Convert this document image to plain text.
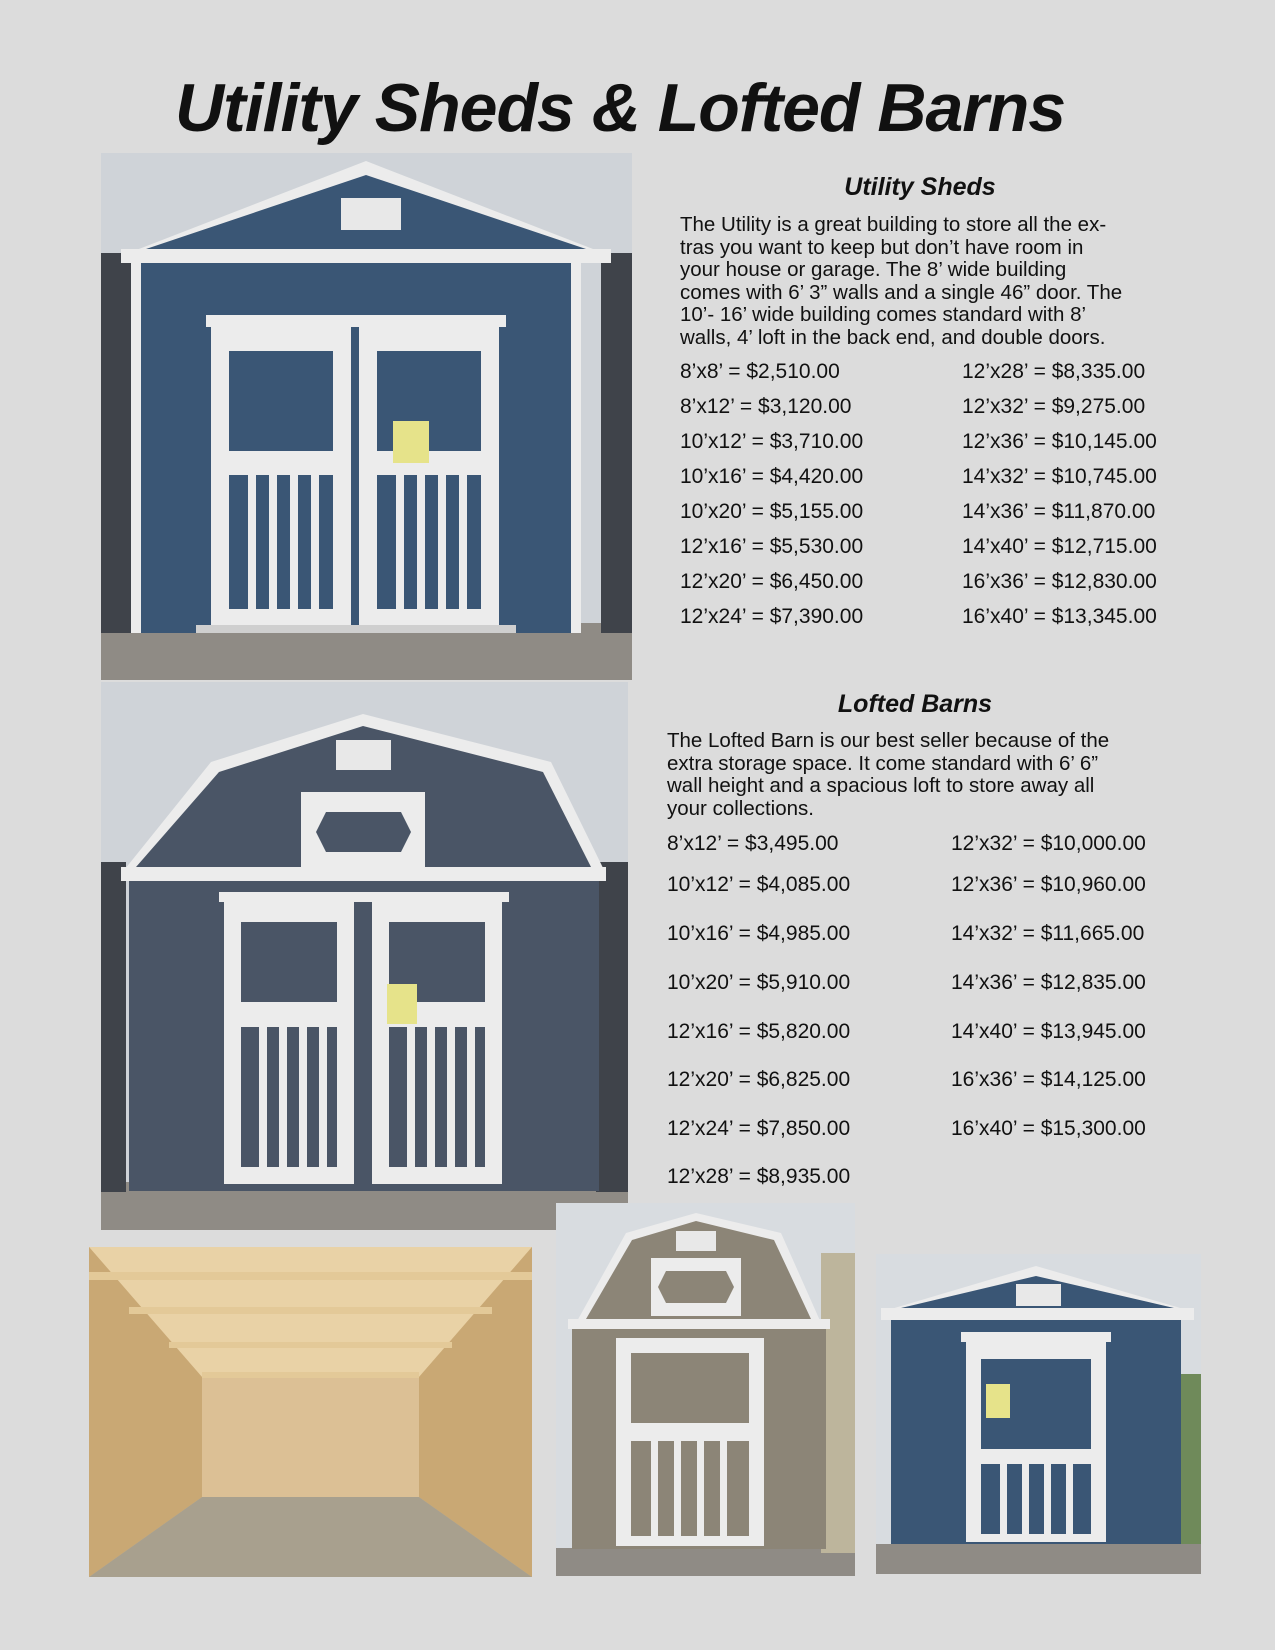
Utility Sheds & Lofted Barns
Utility Sheds
The Utility is a great building to store all the ex-
tras you want to keep but don’t have room in
your house or garage. The 8’ wide building
comes with 6’ 3” walls and a single 46” door. The
10’- 16’ wide building comes standard with 8’
walls, 4’ loft in the back end, and double doors.
8’x8’ = $2,510.00
8’x12’ = $3,120.00
10’x12’ = $3,710.00
10’x16’ = $4,420.00
10’x20’ = $5,155.00
12’x16’ = $5,530.00
12’x20’ = $6,450.00
12’x24’ = $7,390.00
12’x28’ = $8,335.00
12’x32’ = $9,275.00
12’x36’ = $10,145.00
14’x32’ = $10,745.00
14’x36’ = $11,870.00
14’x40’ = $12,715.00
16’x36’ = $12,830.00
16’x40’ = $13,345.00
Lofted Barns
The Lofted Barn is our best seller because of the
extra storage space. It come standard with 6’ 6”
wall height and a spacious loft to store away all
your collections.
8’x12’ = $3,495.00
10’x12’ = $4,085.00
10’x16’ = $4,985.00
10’x20’ = $5,910.00
12’x16’ = $5,820.00
12’x20’ = $6,825.00
12’x24’ = $7,850.00
12’x28’ = $8,935.00
12’x32’ = $10,000.00
12’x36’ = $10,960.00
14’x32’ = $11,665.00
14’x36’ = $12,835.00
14’x40’ = $13,945.00
16’x36’ = $14,125.00
16’x40’ = $15,300.00
